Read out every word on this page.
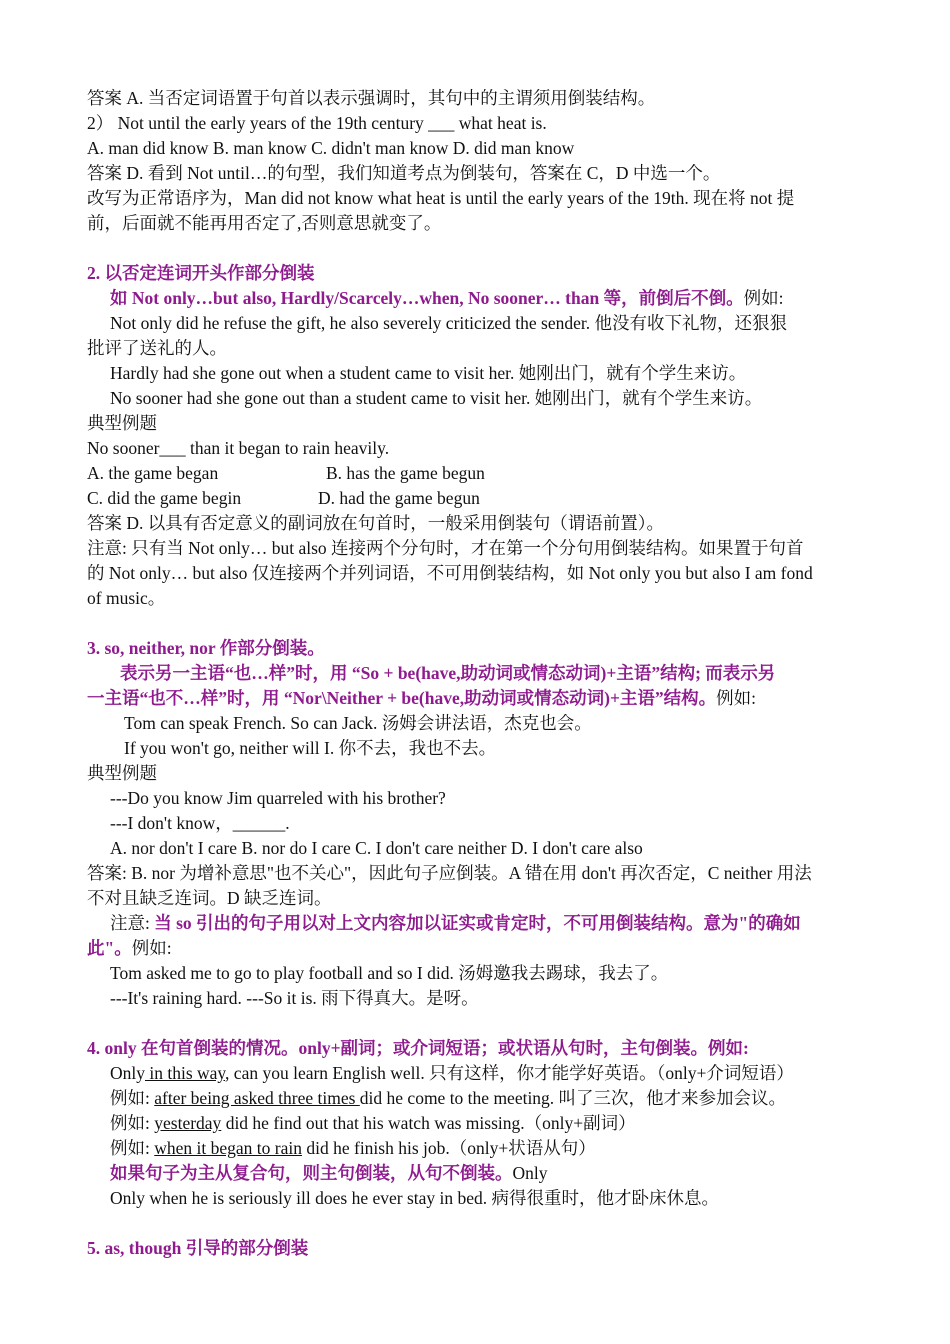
答案 A. 当否定词语置于句首以表示强调时，其句中的主谓须用倒装结构。
2） Not until the early years of the 19th century ___ what heat is.
A. man did know B. man know C. didn't man know D. did man know
答案 D. 看到 Not until…的句型，我们知道考点为倒装句，答案在 C，D 中选一个。
改写为正常语序为，Man did not know what heat is until the early years of the 19th. 现在将 not 提
前，后面就不能再用否定了,否则意思就变了。
2. 以否定连词开头作部分倒装
如 Not only…but also, Hardly/Scarcely…when, No sooner… than 等，前倒后不倒。例如:
Not only did he refuse the gift, he also severely criticized the sender. 他没有收下礼物，还狠狠
批评了送礼的人。
Hardly had she gone out when a student came to visit her. 她刚出门，就有个学生来访。
No sooner had she gone out than a student came to visit her. 她刚出门，就有个学生来访。
典型例题
No sooner___ than it began to rain heavily.
A. the game began	B. has the game begun
C. did the game begin	D. had the game begun
答案 D. 以具有否定意义的副词放在句首时，一般采用倒装句（谓语前置）。
注意: 只有当 Not only… but also 连接两个分句时，才在第一个分句用倒装结构。如果置于句首
的 Not only… but also 仅连接两个并列词语，不可用倒装结构，如 Not only you but also I am fond
of music。
3. so, neither, nor 作部分倒装。
表示另一主语“也…样”时，用 “So + be(have,助动词或情态动词)+主语”结构; 而表示另
一主语“也不…样”时，用 “Nor\Neither + be(have,助动词或情态动词)+主语”结构。例如:
Tom can speak French. So can Jack. 汤姆会讲法语，杰克也会。
If you won't go, neither will I. 你不去，我也不去。
典型例题
---Do you know Jim quarreled with his brother?
---I don't know，______.
A. nor don't I care B. nor do I care C. I don't care neither D. I don't care also
答案: B. nor 为增补意思"也不关心"，因此句子应倒装。A 错在用 don't 再次否定，C neither 用法
不对且缺乏连词。D 缺乏连词。
注意: 当 so 引出的句子用以对上文内容加以证实或肯定时，不可用倒装结构。意为"的确如
此"。例如:
Tom asked me to go to play football and so I did. 汤姆邀我去踢球，我去了。
---It's raining hard. ---So it is. 雨下得真大。是呀。
4. only 在句首倒装的情况。only+副词；或介词短语；或状语从句时，主句倒装。例如:
Only in this way, can you learn English well. 只有这样，你才能学好英语。（only+介词短语）
例如: after being asked three times did he come to the meeting. 叫了三次，他才来参加会议。
例如: yesterday did he find out that his watch was missing.（only+副词）
例如: when it began to rain did he finish his job.（only+状语从句）
如果句子为主从复合句，则主句倒装，从句不倒装。Only
Only when he is seriously ill does he ever stay in bed. 病得很重时，他才卧床休息。
5. as, though 引导的部分倒装
